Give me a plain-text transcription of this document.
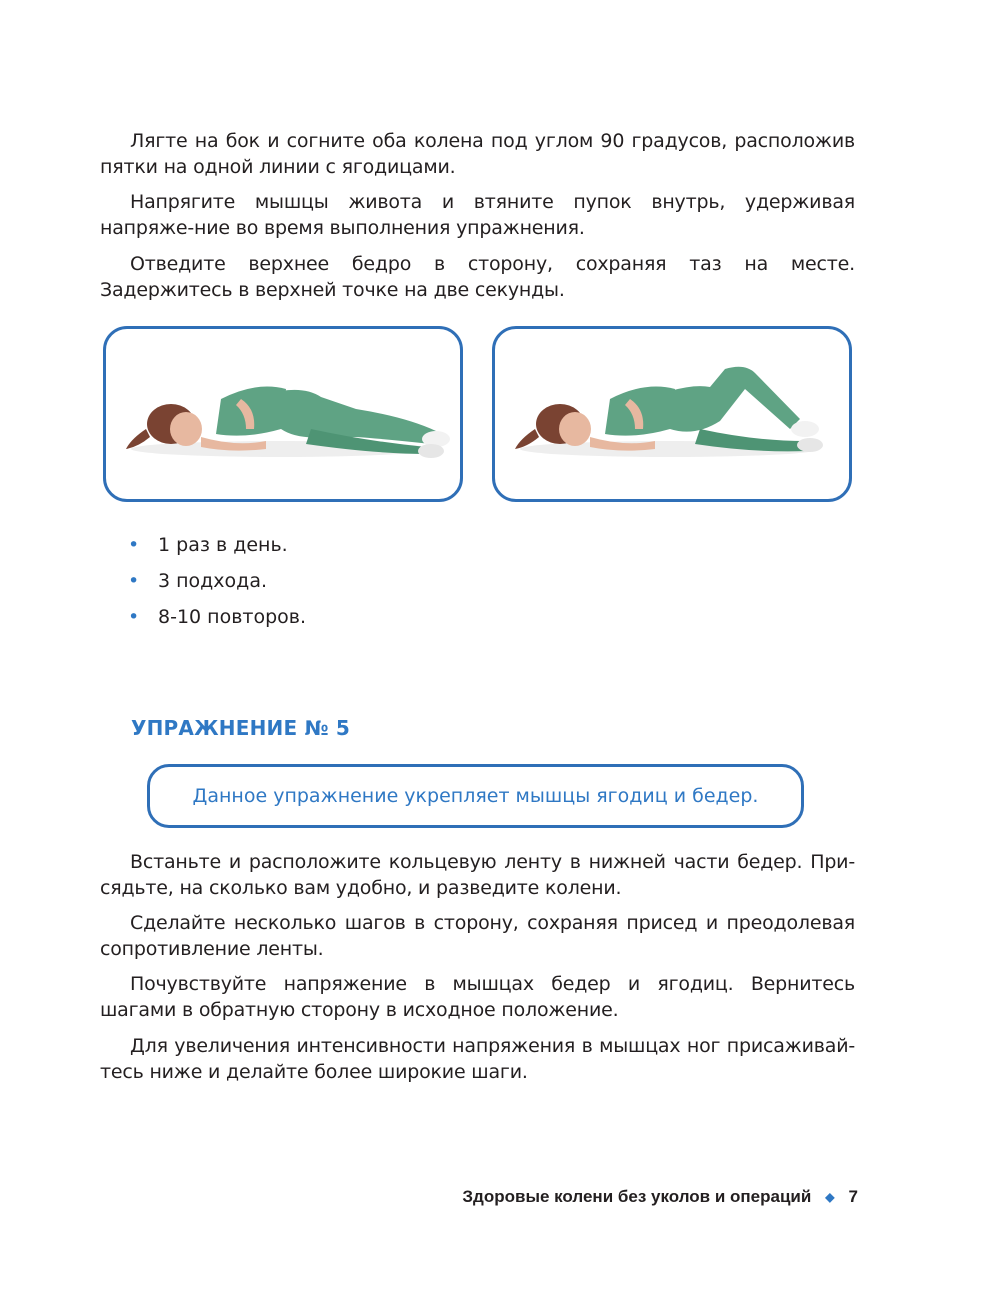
Лягте на бок и согните оба колена под углом 90 градусов, расположив пятки на одной линии с ягодицами.

Напрягите мышцы живота и втяните пупок внутрь, удерживая напряже-ние во время выполнения упражнения.

Отведите верхнее бедро в сторону, сохраняя таз на месте. Задержитесь в верхней точке на две секунды.

• 1 раз в день.
• 3 подхода.
• 8-10 повторов.
УПРАЖНЕНИЕ № 5
Данное упражнение укрепляет мышцы ягодиц и бедер.

Встаньте и расположите кольцевую ленту в нижней части бедер. При-сядьте, на сколько вам удобно, и разведите колени.

Сделайте несколько шагов в сторону, сохраняя присед и преодолевая сопротивление ленты.

Почувствуйте напряжение в мышцах бедер и ягодиц. Вернитесь шагами в обратную сторону в исходное положение.

Для увеличения интенсивности напряжения в мышцах ног присаживай-тесь ниже и делайте более широкие шаги.

Здоровые колени без уколов и операций ◆ 7
